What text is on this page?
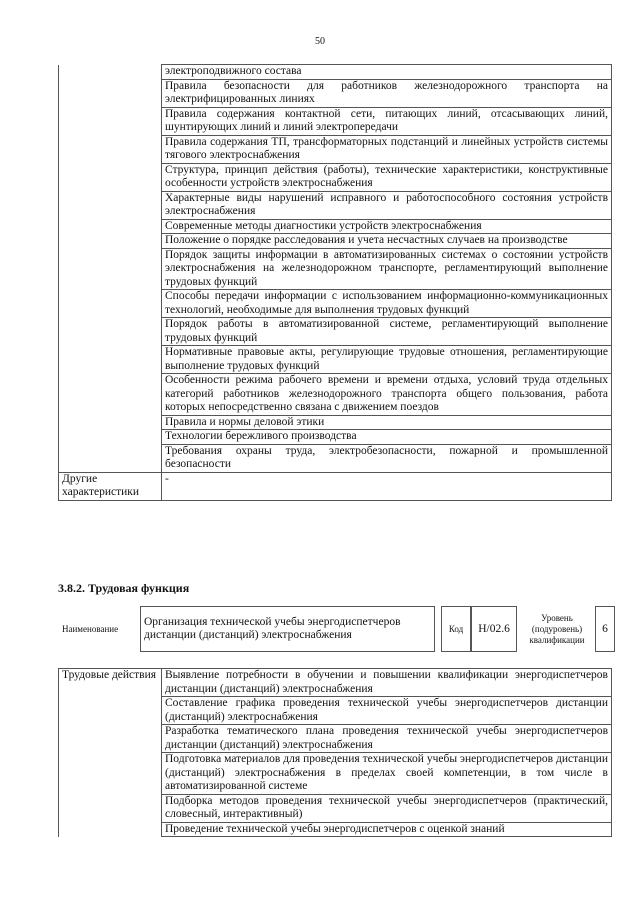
50
	электроподвижного состава
	Правила безопасности для работников железнодорожного транспорта на электрифицированных линиях
	Правила содержания контактной сети, питающих линий, отсасывающих линий, шунтирующих линий и линий электропередачи
	Правила содержания ТП, трансформаторных подстанций и линейных устройств системы тягового электроснабжения
	Структура, принцип действия (работы), технические характеристики, конструктивные особенности устройств электроснабжения
	Характерные виды нарушений исправного и работоспособного состояния устройств электроснабжения
	Современные методы диагностики устройств электроснабжения
	Положение о порядке расследования и учета несчастных случаев на производстве
	Порядок защиты информации в автоматизированных системах о состоянии устройств электроснабжения на железнодорожном транспорте, регламентирующий выполнение трудовых функций
	Способы передачи информации с использованием информационно-коммуникационных технологий, необходимые для выполнения трудовых функций
	Порядок работы в автоматизированной системе, регламентирующий выполнение трудовых функций
	Нормативные правовые акты, регулирующие трудовые отношения, регламентирующие выполнение трудовых функций
	Особенности режима рабочего времени и времени отдыха, условий труда отдельных категорий работников железнодорожного транспорта общего пользования, работа которых непосредственно связана с движением поездов
	Правила и нормы деловой этики
	Технологии бережливого производства
	Требования охраны труда, электробезопасности, пожарной и промышленной безопасности
Другие характеристики	-
3.8.2. Трудовая функция
Наименование	Организация технической учебы энергодиспетчеров дистанции (дистанций) электроснабжения		Код	H/02.6		Уровень (подуровень) квалификации		6
Трудовые действия	Выявление потребности в обучении и повышении квалификации энергодиспетчеров дистанции (дистанций) электроснабжения
	Составление графика проведения технической учебы энергодиспетчеров дистанции (дистанций) электроснабжения
	Разработка тематического плана проведения технической учебы энергодиспетчеров дистанции (дистанций) электроснабжения
	Подготовка материалов для проведения технической учебы энергодиспетчеров дистанции (дистанций) электроснабжения в пределах своей компетенции, в том числе в автоматизированной системе
	Подборка методов проведения технической учебы энергодиспетчеров (практический, словесный, интерактивный)
	Проведение технической учебы энергодиспетчеров с оценкой знаний
